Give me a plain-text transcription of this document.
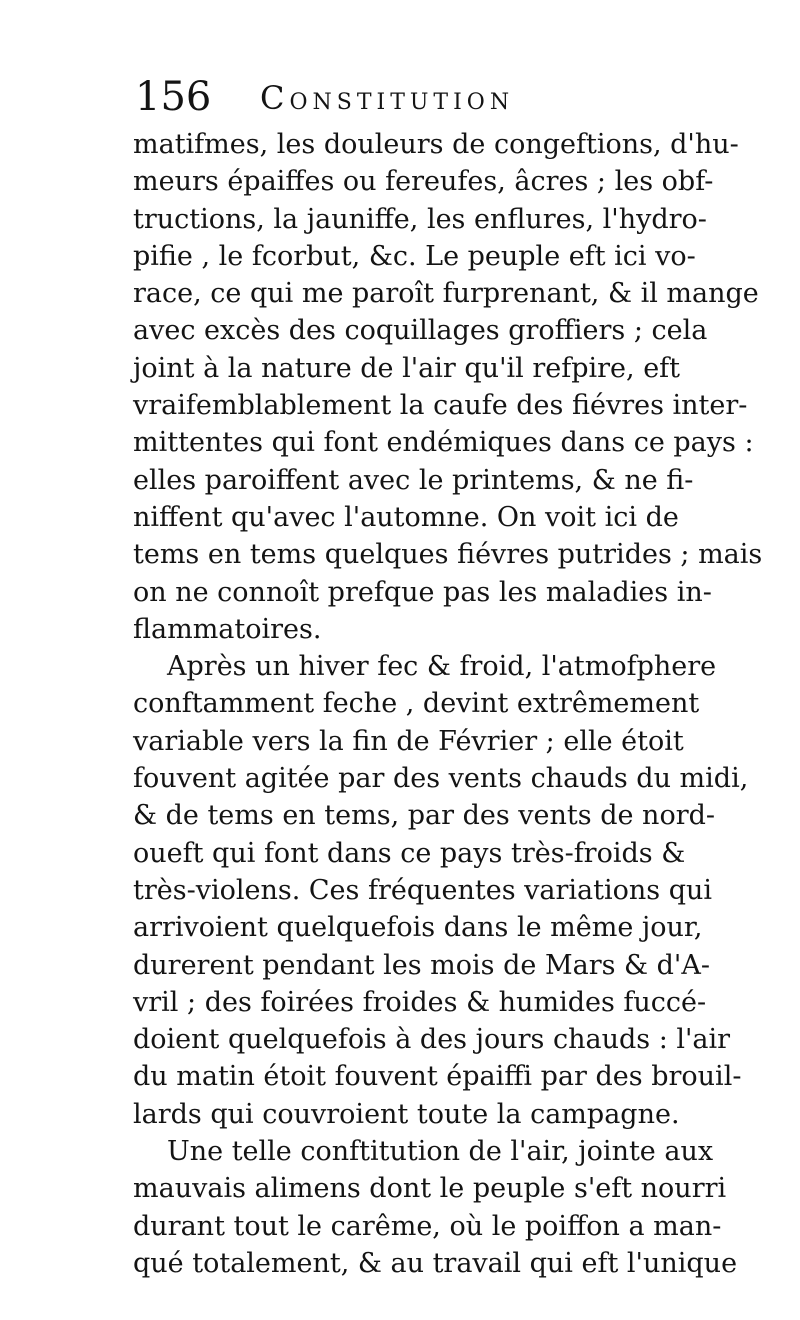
156 Constitution
matifmes, les douleurs de congeftions, d'hu-
meurs épaiffes ou fereufes, âcres ; les obf-
tructions, la jauniffe, les enflures, l'hydro-
pifie , le fcorbut, &c. Le peuple eft ici vo-
race, ce qui me paroît furprenant, & il mange
avec excès des coquillages groffiers ; cela
joint à la nature de l'air qu'il refpire, eft
vraifemblablement la caufe des fiévres inter-
mittentes qui font endémiques dans ce pays :
elles paroiffent avec le printems, & ne fi-
niffent qu'avec l'automne. On voit ici de
tems en tems quelques fiévres putrides ; mais
on ne connoît prefque pas les maladies in-
flammatoires.
Après un hiver fec & froid, l'atmofphere
conftamment feche , devint extrêmement
variable vers la fin de Février ; elle étoit
fouvent agitée par des vents chauds du midi,
& de tems en tems, par des vents de nord-
oueft qui font dans ce pays très-froids &
très-violens. Ces fréquentes variations qui
arrivoient quelquefois dans le même jour,
durerent pendant les mois de Mars & d'A-
vril ; des foirées froides & humides fuccé-
doient quelquefois à des jours chauds : l'air
du matin étoit fouvent épaiffi par des brouil-
lards qui couvroient toute la campagne.
Une telle conftitution de l'air, jointe aux
mauvais alimens dont le peuple s'eft nourri
durant tout le carême, où le poiffon a man-
qué totalement, & au travail qui eft l'unique
